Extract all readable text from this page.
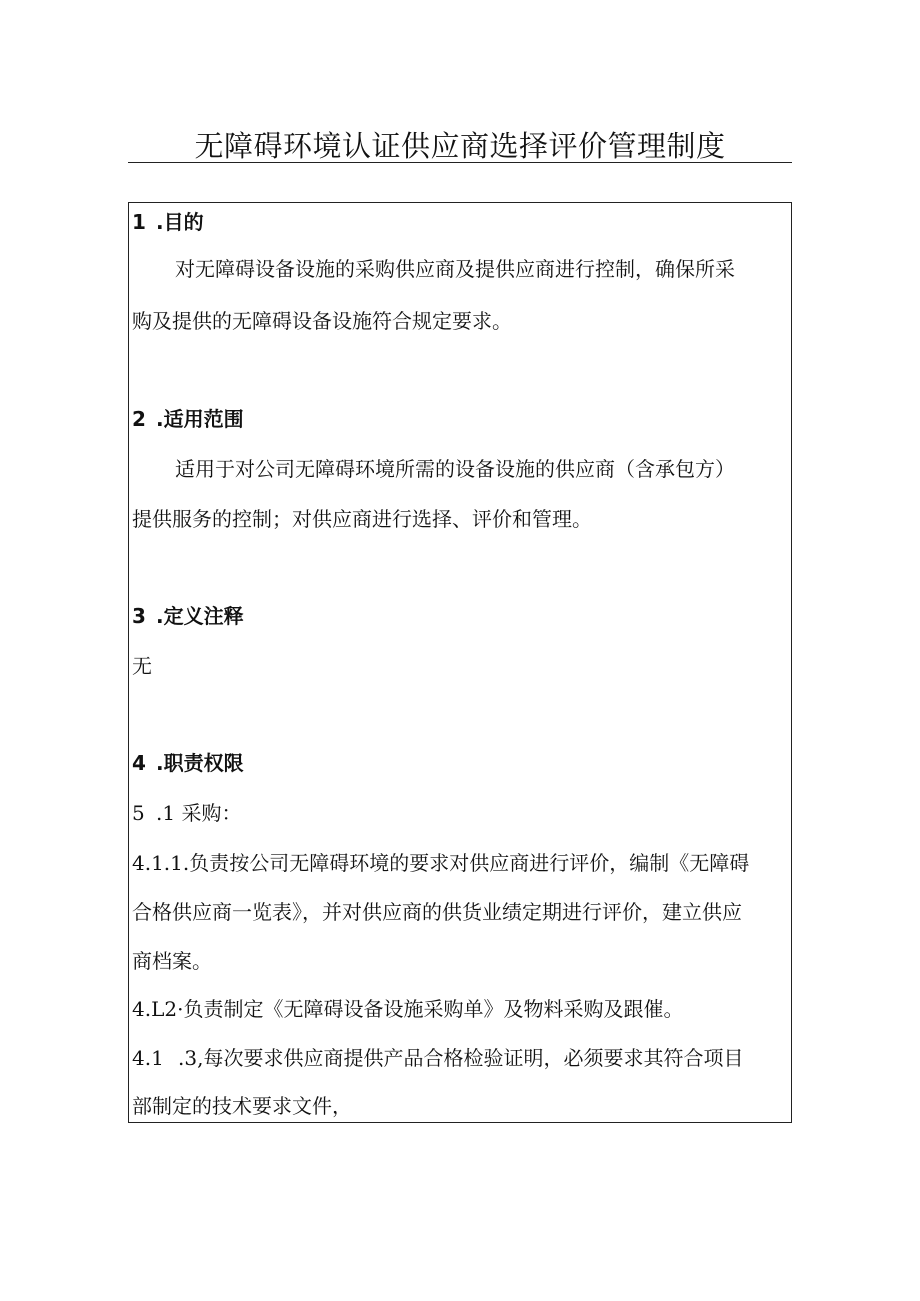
无障碍环境认证供应商选择评价管理制度
1 .目的
对无障碍设备设施的采购供应商及提供应商进行控制，确保所采
购及提供的无障碍设备设施符合规定要求。
2 .适用范围
适用于对公司无障碍环境所需的设备设施的供应商（含承包方）
提供服务的控制；对供应商进行选择、评价和管理。
3 .定义注释
无
4 .职责权限
5 .1 采购：
4.1.1.负责按公司无障碍环境的要求对供应商进行评价，编制《无障碍
合格供应商一览表》，并对供应商的供货业绩定期进行评价，建立供应
商档案。
4.L2·负责制定《无障碍设备设施采购单》及物料采购及跟催。
4.1 .3,每次要求供应商提供产品合格检验证明，必须要求其符合项目
部制定的技术要求文件，
